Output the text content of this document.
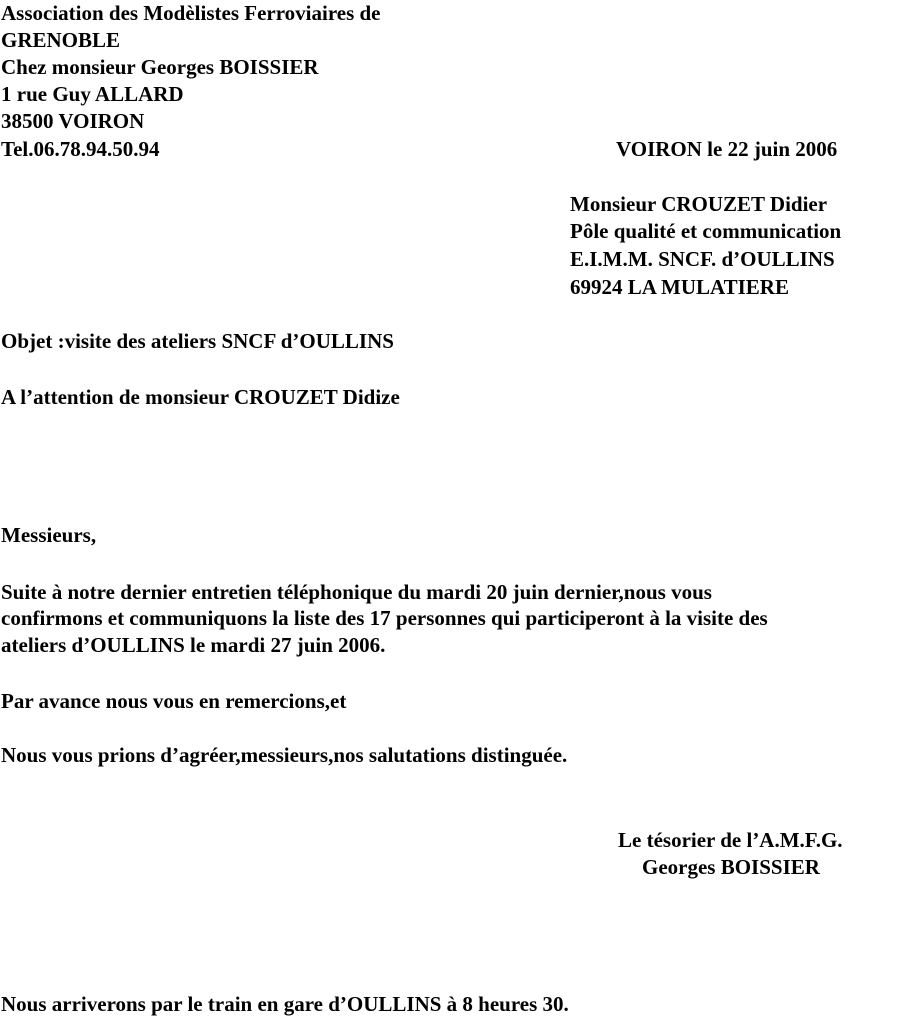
Association des Modèlistes Ferroviaires de
GRENOBLE
Chez monsieur Georges BOISSIER
1 rue Guy ALLARD
38500 VOIRON
Tel.06.78.94.50.94	VOIRON le 22 juin 2006
Monsieur CROUZET Didier
Pôle qualité et communication
E.I.M.M. SNCF. d’OULLINS
69924 LA MULATIERE
Objet :visite des ateliers SNCF d’OULLINS
A l’attention de monsieur CROUZET Didize
Messieurs,
Suite à notre dernier entretien téléphonique du mardi 20 juin dernier,nous vous
confirmons et communiquons la liste des 17 personnes qui participeront à la visite des
ateliers d’OULLINS le mardi 27 juin 2006.
Par avance nous vous en remercions,et
Nous vous prions d’agréer,messieurs,nos salutations distinguée.
Le tésorier de l’A.M.F.G.
Georges BOISSIER
Nous arriverons par le train en gare d’OULLINS à 8 heures 30.
